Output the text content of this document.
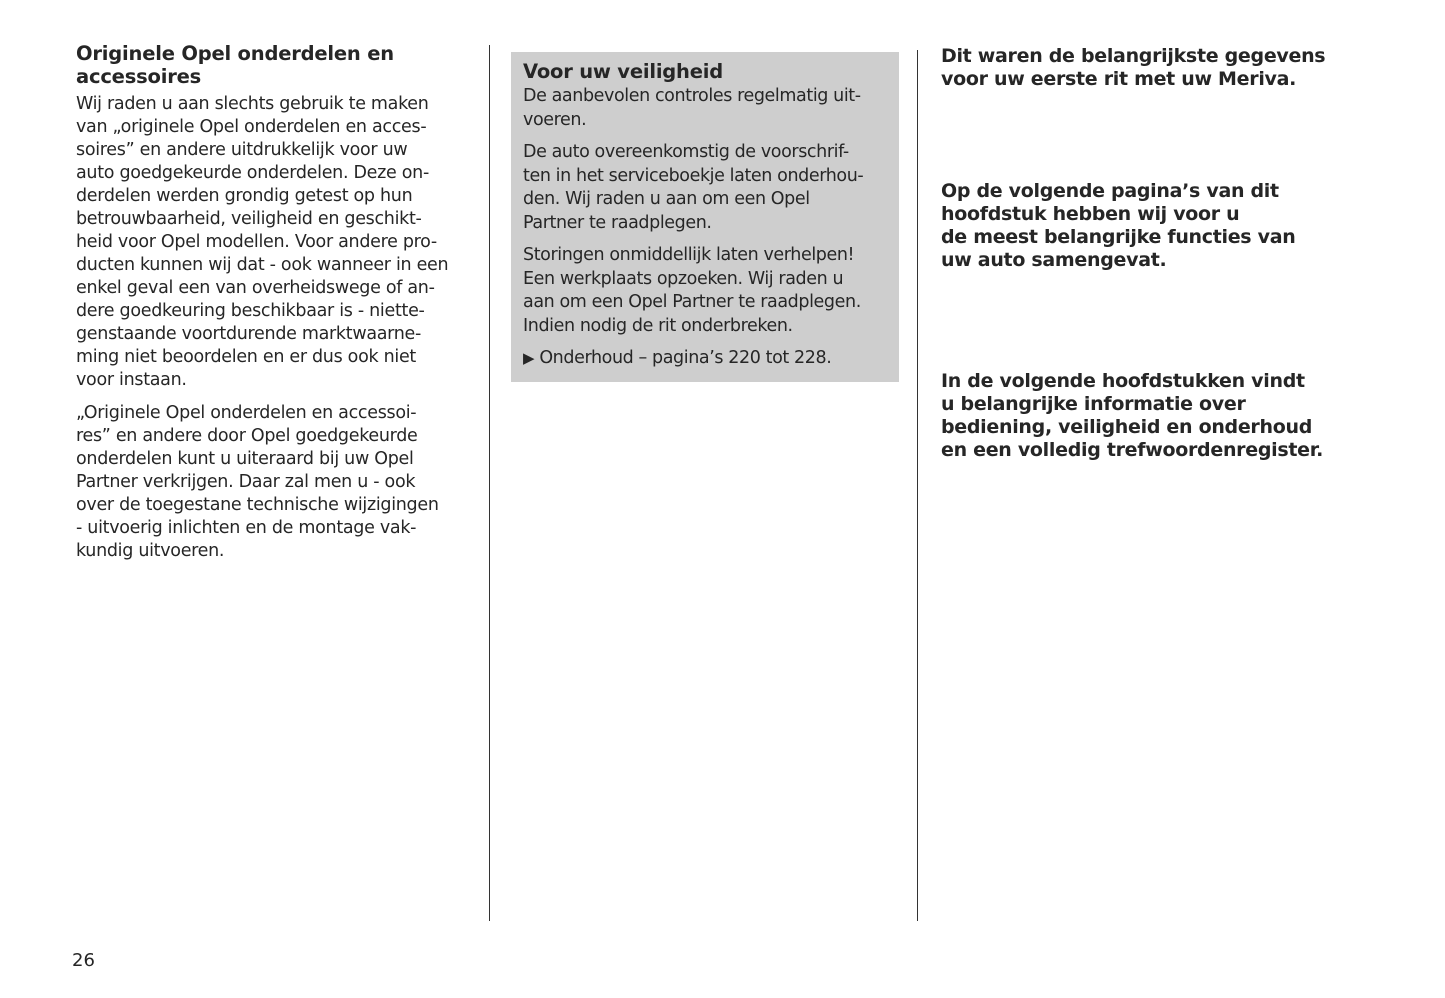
Originele Opel onderdelen en
accessoires
Wij raden u aan slechts gebruik te maken
van „originele Opel onderdelen en acces-
soires” en andere uitdrukkelijk voor uw
auto goedgekeurde onderdelen. Deze on-
derdelen werden grondig getest op hun
betrouwbaarheid, veiligheid en geschikt-
heid voor Opel modellen. Voor andere pro-
ducten kunnen wij dat - ook wanneer in een
enkel geval een van overheidswege of an-
dere goedkeuring beschikbaar is - niette-
genstaande voortdurende marktwaarne-
ming niet beoordelen en er dus ook niet
voor instaan.
„Originele Opel onderdelen en accessoi-
res” en andere door Opel goedgekeurde
onderdelen kunt u uiteraard bij uw Opel
Partner verkrijgen. Daar zal men u - ook
over de toegestane technische wijzigingen
- uitvoerig inlichten en de montage vak-
kundig uitvoeren.
Voor uw veiligheid
De aanbevolen controles regelmatig uit-
voeren.
De auto overeenkomstig de voorschrif-
ten in het serviceboekje laten onderhou-
den. Wij raden u aan om een Opel
Partner te raadplegen.
Storingen onmiddellijk laten verhelpen!
Een werkplaats opzoeken. Wij raden u
aan om een Opel Partner te raadplegen.
Indien nodig de rit onderbreken.
▶ Onderhoud – pagina’s 220 tot 228.
Dit waren de belangrijkste gegevens
voor uw eerste rit met uw Meriva.
Op de volgende pagina’s van dit
hoofdstuk hebben wij voor u
de meest belangrijke functies van
uw auto samengevat.
In de volgende hoofdstukken vindt
u belangrijke informatie over
bediening, veiligheid en onderhoud
en een volledig trefwoordenregister.
26
